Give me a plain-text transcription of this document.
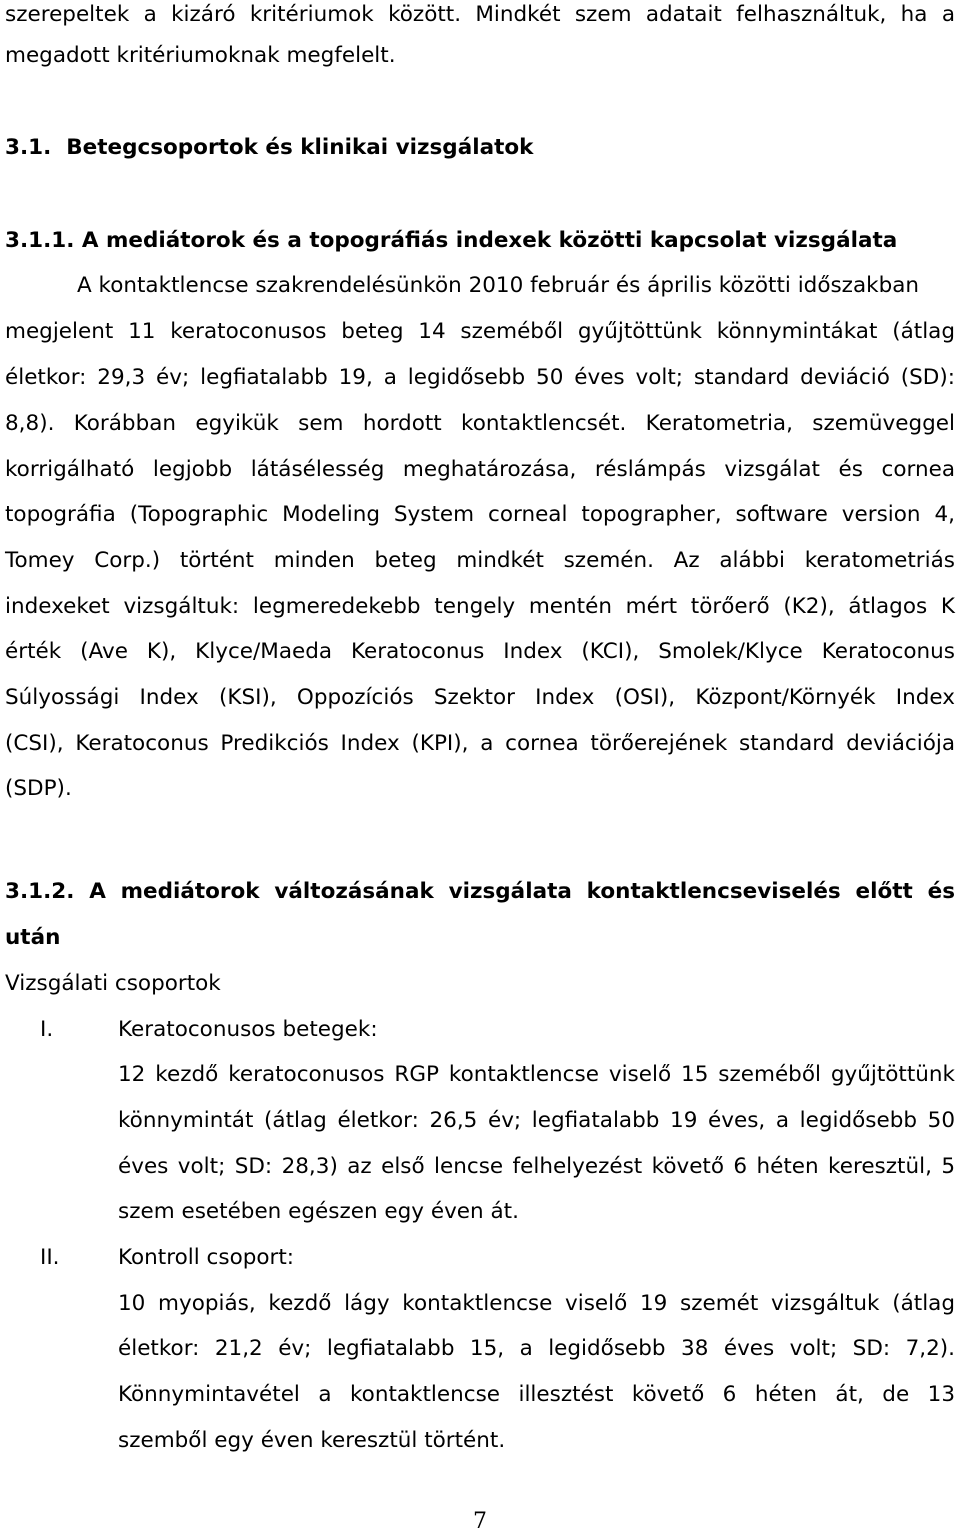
szerepeltek a kizáró kritériumok között. Mindkét szem adatait felhasználtuk, ha a

megadott kritériumoknak megfelelt.

3.1. Betegcsoportok és klinikai vizsgálatok

3.1.1. A mediátorok és a topográfiás indexek közötti kapcsolat vizsgálata

A kontaktlencse szakrendelésünkön 2010 február és április közötti időszakban

megjelent 11 keratoconusos beteg 14 szeméből gyűjtöttünk könnymintákat (átlag

életkor: 29,3 év; legfiatalabb 19, a legidősebb 50 éves volt; standard deviáció (SD):

8,8). Korábban egyikük sem hordott kontaktlencsét. Keratometria, szemüveggel

korrigálható legjobb látásélesség meghatározása, réslámpás vizsgálat és cornea

topográfia (Topographic Modeling System corneal topographer, software version 4,

Tomey Corp.) történt minden beteg mindkét szemén. Az alábbi keratometriás

indexeket vizsgáltuk: legmeredekebb tengely mentén mért törőerő (K2), átlagos K

érték (Ave K), Klyce/Maeda Keratoconus Index (KCI), Smolek/Klyce Keratoconus

Súlyossági Index (KSI), Oppozíciós Szektor Index (OSI), Központ/Környék Index

(CSI), Keratoconus Predikciós Index (KPI), a cornea törőerejének standard deviációja

(SDP).

3.1.2. A mediátorok változásának vizsgálata kontaktlencseviselés előtt és

után

Vizsgálati csoportok

I.	Keratoconusos betegek:

12 kezdő keratoconusos RGP kontaktlencse viselő 15 szeméből gyűjtöttünk

könnymintát (átlag életkor: 26,5 év; legfiatalabb 19 éves, a legidősebb 50

éves volt; SD: 28,3) az első lencse felhelyezést követő 6 héten keresztül, 5

szem esetében egészen egy éven át.

II.	Kontroll csoport:

10 myopiás, kezdő lágy kontaktlencse viselő 19 szemét vizsgáltuk (átlag

életkor: 21,2 év; legfiatalabb 15, a legidősebb 38 éves volt; SD: 7,2).

Könnymintavétel a kontaktlencse illesztést követő 6 héten át, de 13

szemből egy éven keresztül történt.

7
